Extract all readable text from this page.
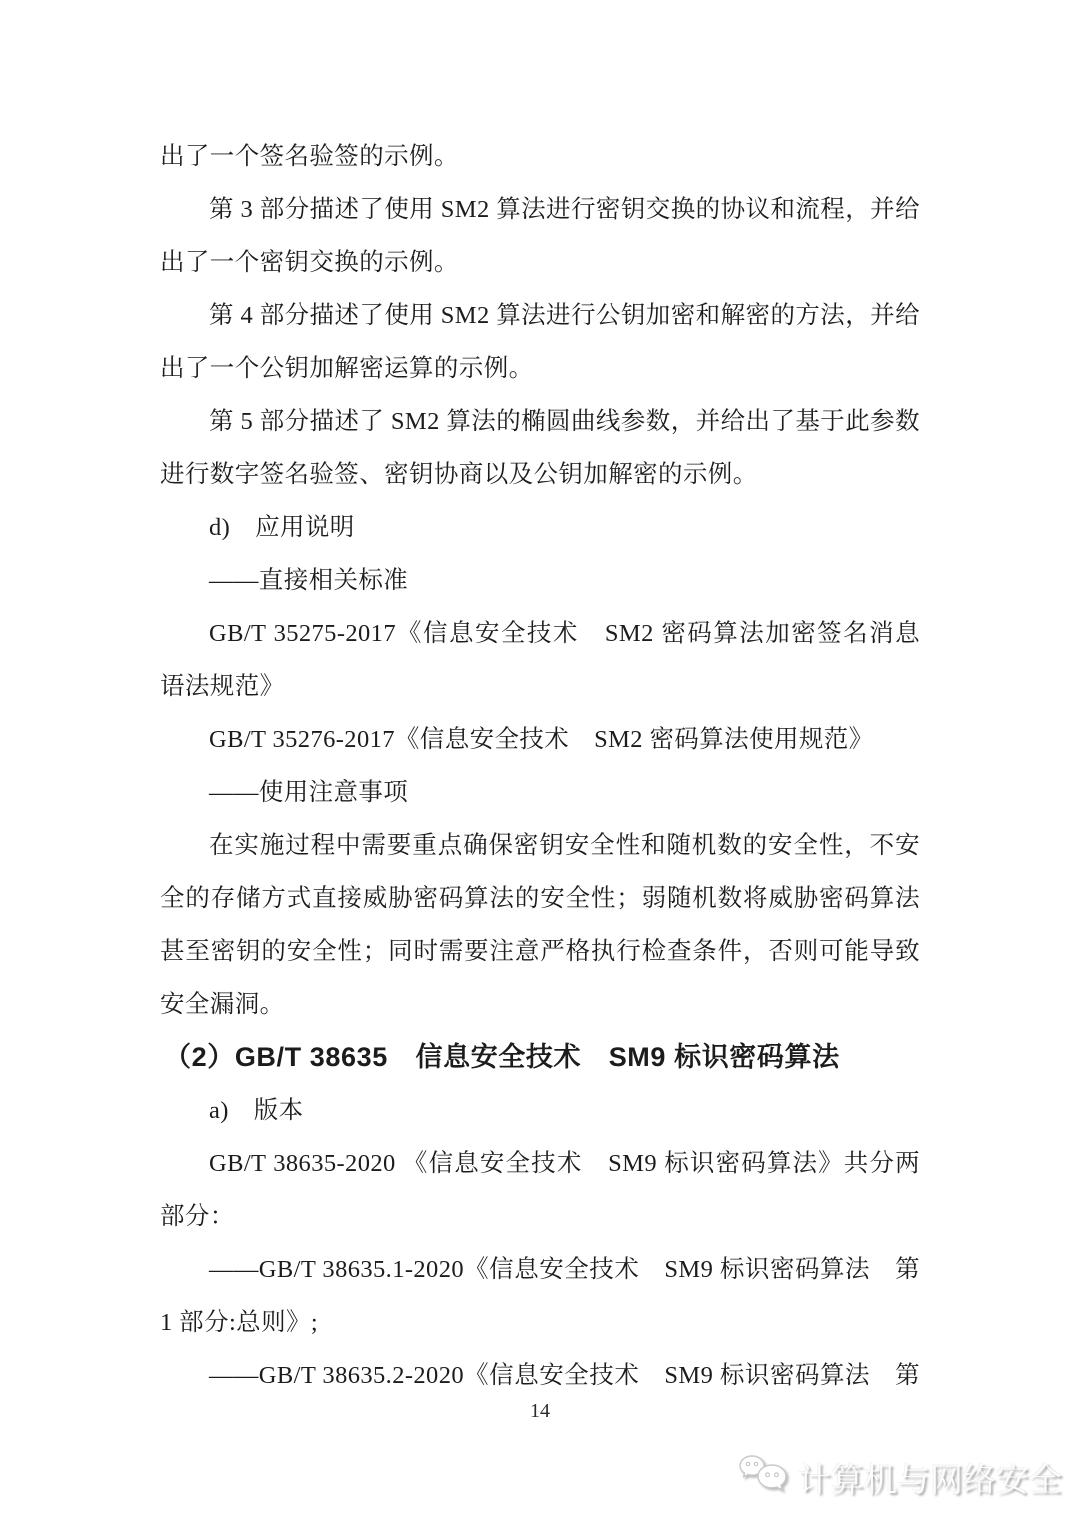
出了一个签名验签的示例。
第 3 部分描述了使用 SM2 算法进行密钥交换的协议和流程，并给
出了一个密钥交换的示例。
第 4 部分描述了使用 SM2 算法进行公钥加密和解密的方法，并给
出了一个公钥加解密运算的示例。
第 5 部分描述了 SM2 算法的椭圆曲线参数，并给出了基于此参数
进行数字签名验签、密钥协商以及公钥加解密的示例。
d)　应用说明
——直接相关标准
GB/T 35275-2017《信息安全技术　SM2 密码算法加密签名消息
语法规范》
GB/T 35276-2017《信息安全技术　SM2 密码算法使用规范》
——使用注意事项
在实施过程中需要重点确保密钥安全性和随机数的安全性，不安
全的存储方式直接威胁密码算法的安全性；弱随机数将威胁密码算法
甚至密钥的安全性；同时需要注意严格执行检查条件，否则可能导致
安全漏洞。
（2）GB/T 38635　信息安全技术　SM9 标识密码算法
a)　版本
GB/T 38635-2020 《信息安全技术　SM9 标识密码算法》共分两
部分：
——GB/T 38635.1-2020《信息安全技术　SM9 标识密码算法　第
1 部分:总则》;
——GB/T 38635.2-2020《信息安全技术　SM9 标识密码算法　第
14
计算机与网络安全
